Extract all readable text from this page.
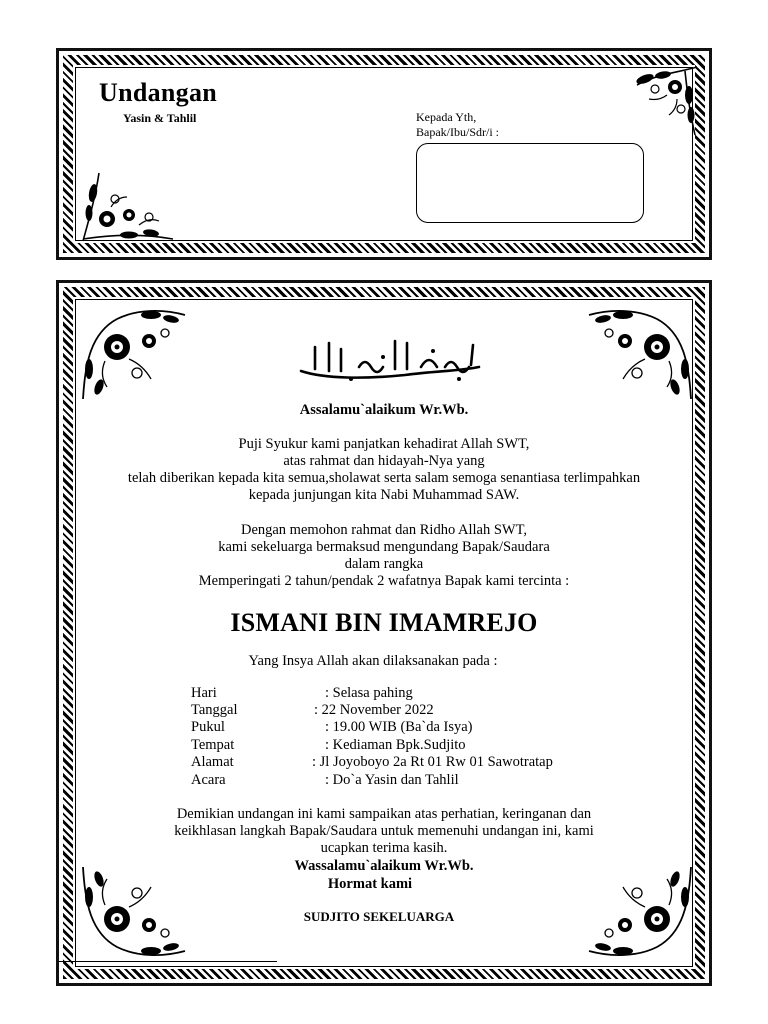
Undangan
Yasin & Tahlil	Kepada Yth,
Bapak/Ibu/Sdr/i :
Assalamu`alaikum Wr.Wb.
Puji Syukur kami panjatkan kehadirat Allah SWT,
atas rahmat dan hidayah-Nya yang
telah diberikan kepada kita semua,sholawat serta salam semoga senantiasa terlimpahkan
kepada junjungan kita Nabi Muhammad SAW.
Dengan memohon rahmat dan Ridho Allah SWT,
kami sekeluarga bermaksud mengundang Bapak/Saudara
dalam rangka
Memperingati 2 tahun/pendak 2 wafatnya Bapak kami tercinta :
ISMANI BIN IMAMREJO
Yang Insya Allah akan dilaksanakan pada :
Hari	: Selasa pahing
Tanggal	: 22 November 2022
Pukul	: 19.00 WIB (Ba`da Isya)
Tempat	: Kediaman Bpk.Sudjito
Alamat	: Jl Joyoboyo 2a Rt 01 Rw 01 Sawotratap
Acara	: Do`a Yasin dan Tahlil
Demikian undangan ini kami sampaikan atas perhatian, keringanan dan
keikhlasan langkah Bapak/Saudara untuk memenuhi undangan ini, kami
ucapkan terima kasih.
Wassalamu`alaikum Wr.Wb.
Hormat kami
SUDJITO SEKELUARGA
